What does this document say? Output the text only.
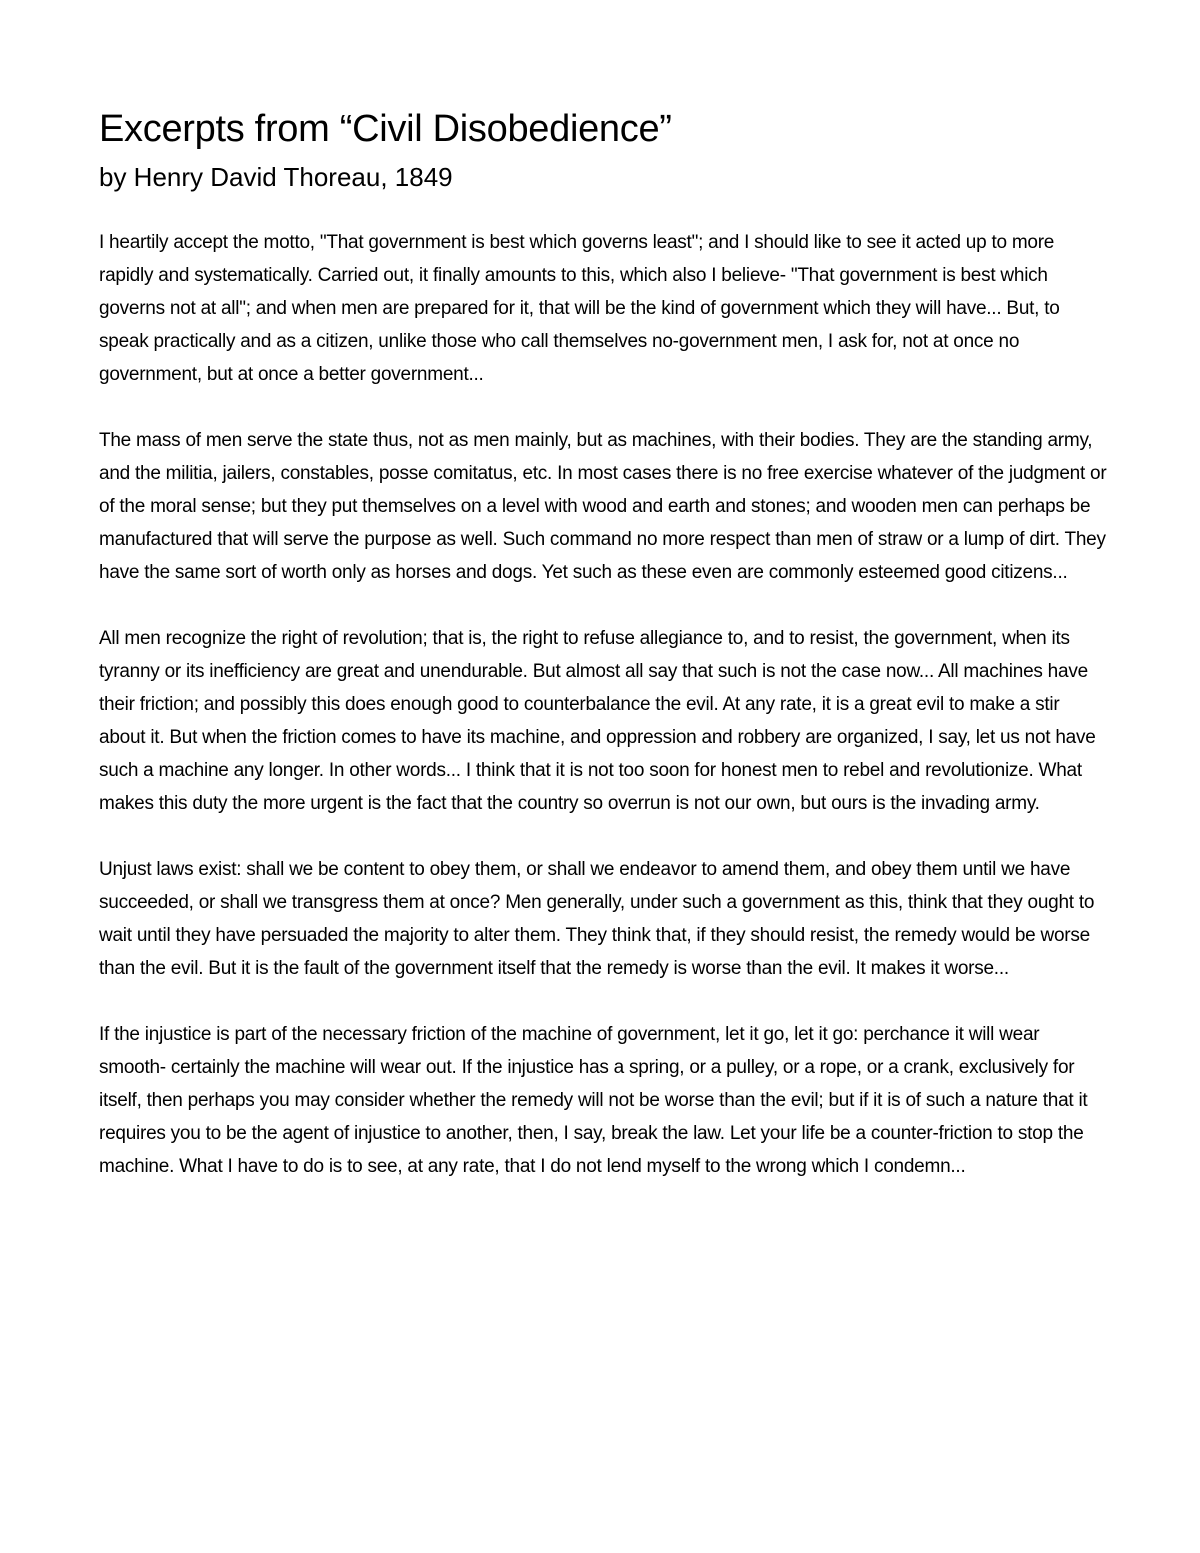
Excerpts from “Civil Disobedience”
by Henry David Thoreau, 1849

I heartily accept the motto, "That government is best which governs least"; and I should like to see it acted up to more rapidly and systematically. Carried out, it finally amounts to this, which also I believe- "That government is best which governs not at all"; and when men are prepared for it, that will be the kind of government which they will have... But, to speak practically and as a citizen, unlike those who call themselves no-government men, I ask for, not at once no government, but at once a better government...

The mass of men serve the state thus, not as men mainly, but as machines, with their bodies. They are the standing army, and the militia, jailers, constables, posse comitatus, etc. In most cases there is no free exercise whatever of the judgment or of the moral sense; but they put themselves on a level with wood and earth and stones; and wooden men can perhaps be manufactured that will serve the purpose as well. Such command no more respect than men of straw or a lump of dirt. They have the same sort of worth only as horses and dogs. Yet such as these even are commonly esteemed good citizens...

All men recognize the right of revolution; that is, the right to refuse allegiance to, and to resist, the government, when its tyranny or its inefficiency are great and unendurable. But almost all say that such is not the case now... All machines have their friction; and possibly this does enough good to counterbalance the evil. At any rate, it is a great evil to make a stir about it. But when the friction comes to have its machine, and oppression and robbery are organized, I say, let us not have such a machine any longer. In other words... I think that it is not too soon for honest men to rebel and revolutionize. What makes this duty the more urgent is the fact that the country so overrun is not our own, but ours is the invading army.

Unjust laws exist: shall we be content to obey them, or shall we endeavor to amend them, and obey them until we have succeeded, or shall we transgress them at once? Men generally, under such a government as this, think that they ought to wait until they have persuaded the majority to alter them. They think that, if they should resist, the remedy would be worse than the evil. But it is the fault of the government itself that the remedy is worse than the evil. It makes it worse...

If the injustice is part of the necessary friction of the machine of government, let it go, let it go: perchance it will wear smooth- certainly the machine will wear out. If the injustice has a spring, or a pulley, or a rope, or a crank, exclusively for itself, then perhaps you may consider whether the remedy will not be worse than the evil; but if it is of such a nature that it requires you to be the agent of injustice to another, then, I say, break the law. Let your life be a counter-friction to stop the machine. What I have to do is to see, at any rate, that I do not lend myself to the wrong which I condemn...
